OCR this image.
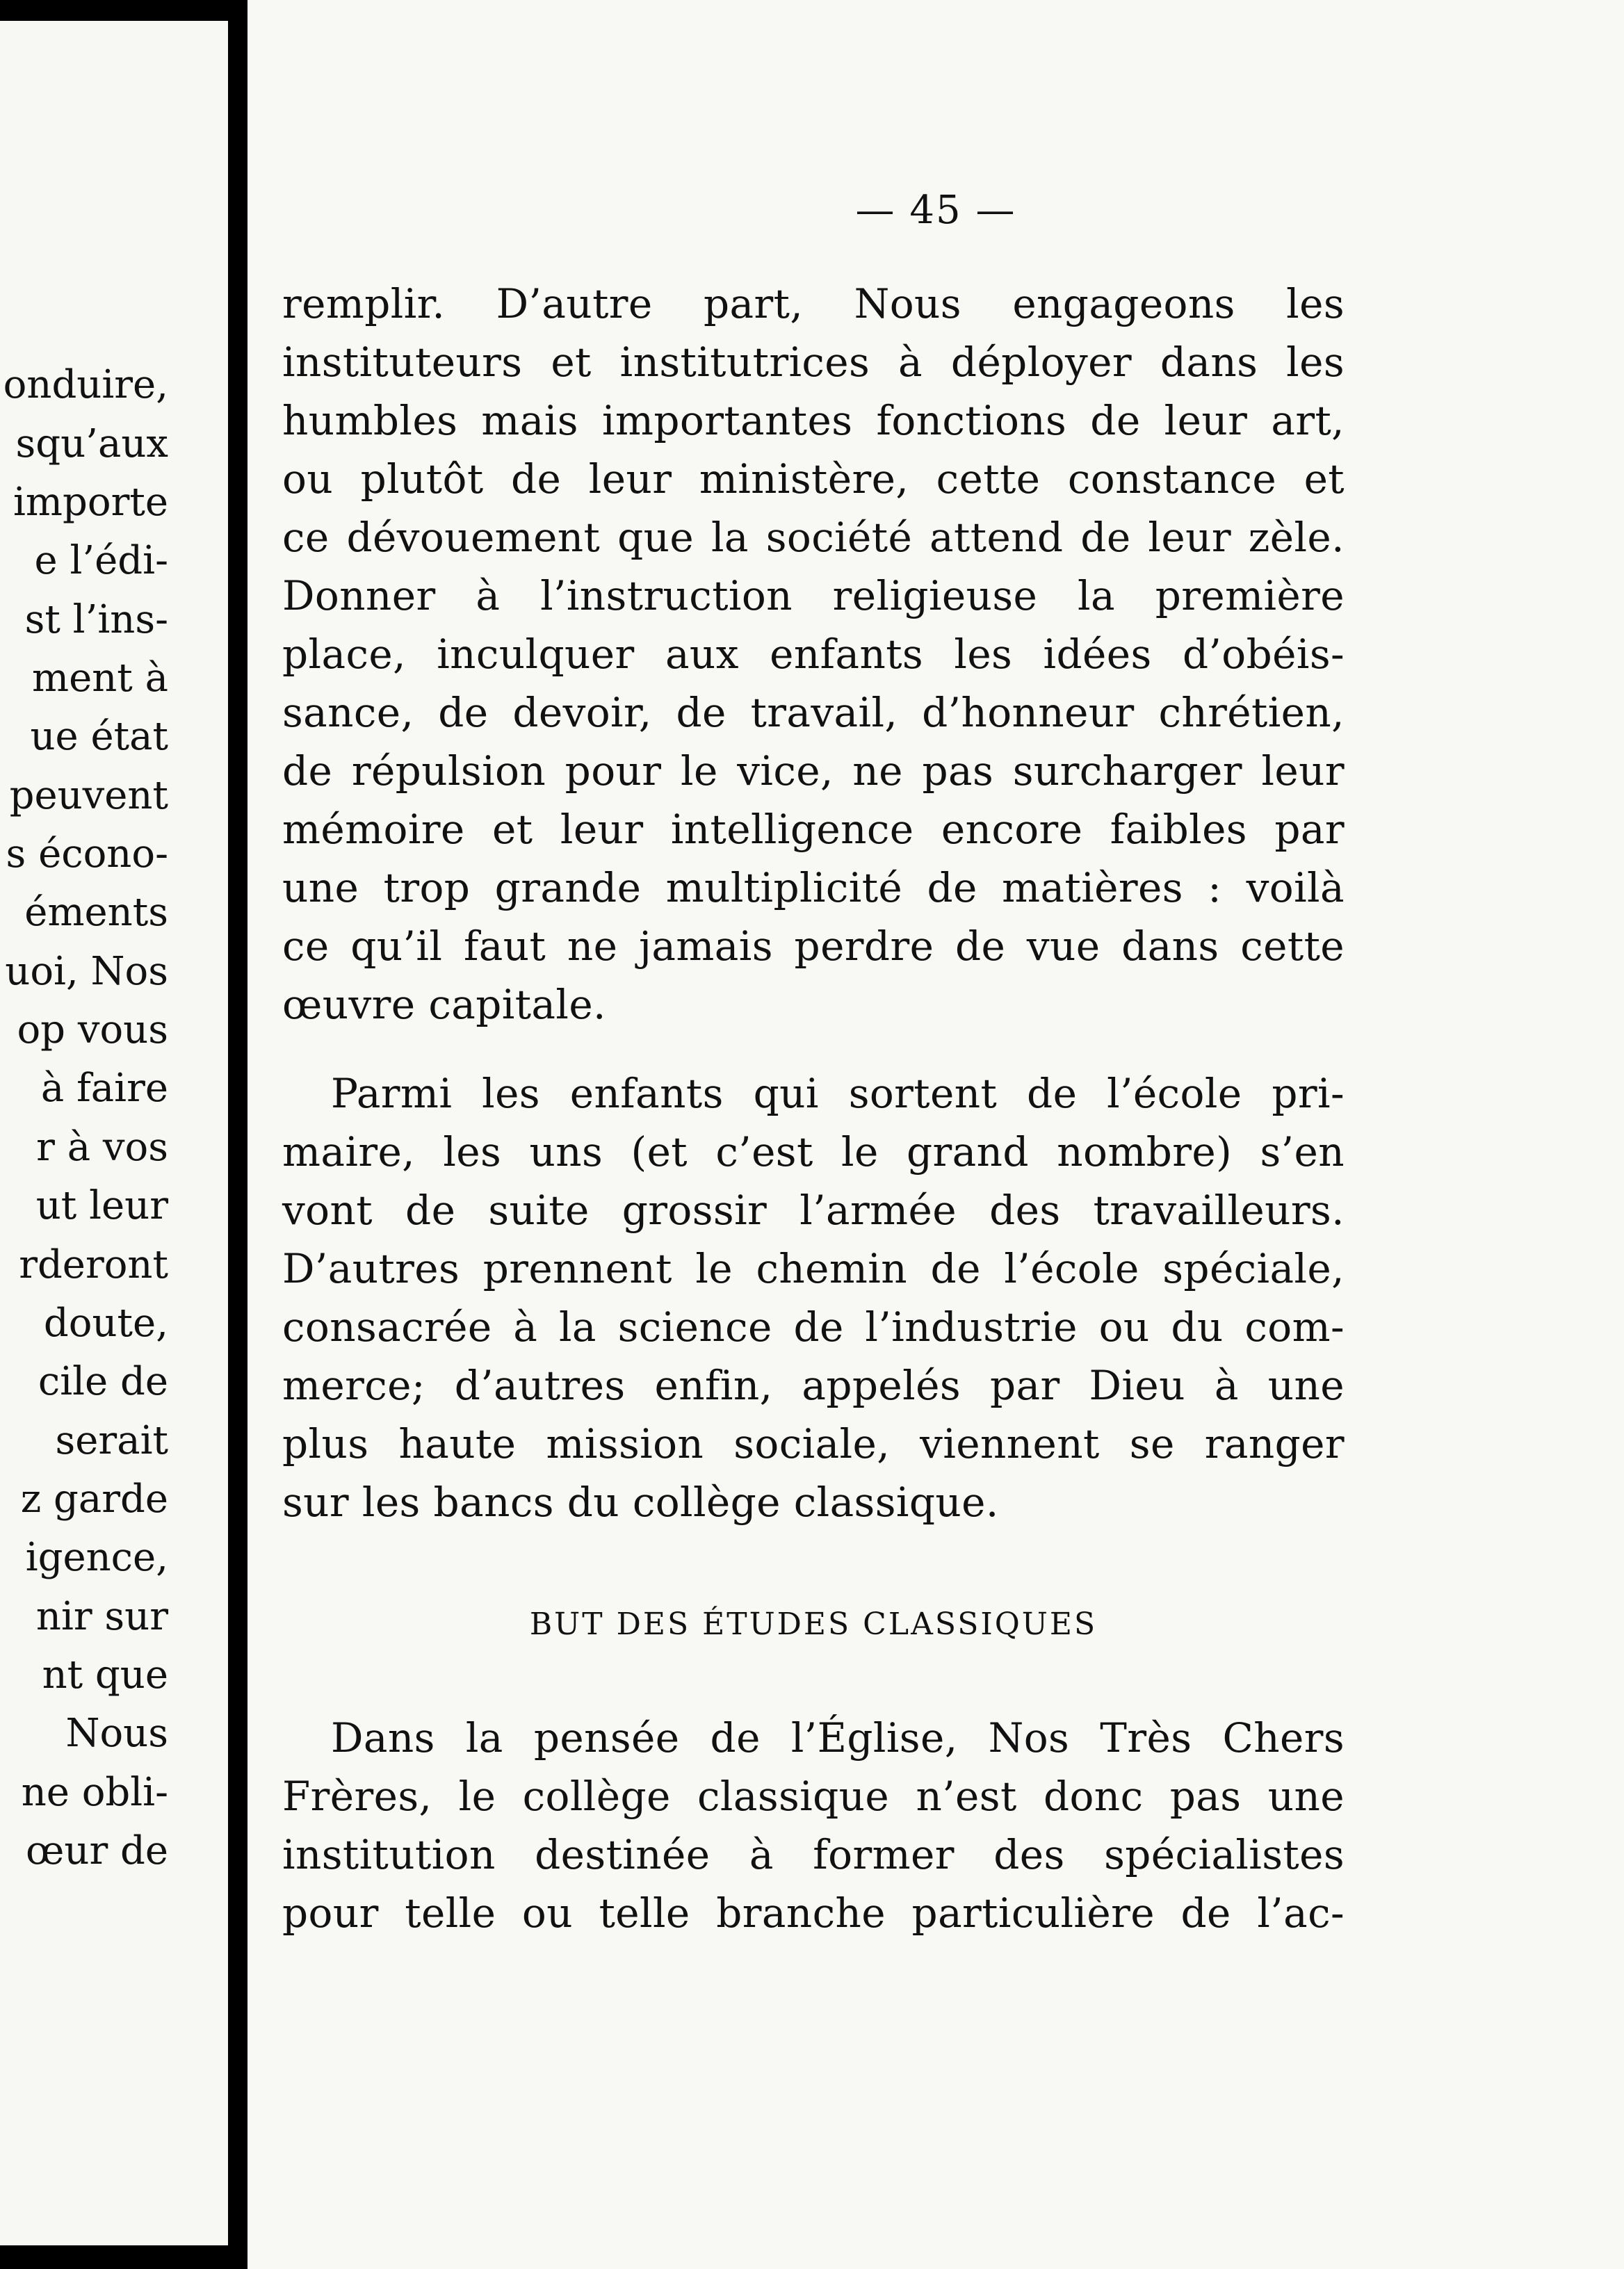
onduire,
squ’aux
importe
e l’édi-
st l’ins-
ment à
ue état
peuvent
s écono-
éments
uoi, Nos
op vous
à faire
r à vos
ut leur
rderont
doute,
cile de
serait
z garde
igence,
nir sur
nt que
Nous
ne obli-
œur de
— 45 —
remplir. D’autre part, Nous engageons les
instituteurs et institutrices à déployer dans les
humbles mais importantes fonctions de leur art,
ou plutôt de leur ministère, cette constance et
ce dévouement que la société attend de leur zèle.
Donner à l’instruction religieuse la première
place, inculquer aux enfants les idées d’obéis-
sance, de devoir, de travail, d’honneur chrétien,
de répulsion pour le vice, ne pas surcharger leur
mémoire et leur intelligence encore faibles par
une trop grande multiplicité de matières : voilà
ce qu’il faut ne jamais perdre de vue dans cette
œuvre capitale.
Parmi les enfants qui sortent de l’école pri-
maire, les uns (et c’est le grand nombre) s’en
vont de suite grossir l’armée des travailleurs.
D’autres prennent le chemin de l’école spéciale,
consacrée à la science de l’industrie ou du com-
merce; d’autres enfin, appelés par Dieu à une
plus haute mission sociale, viennent se ranger
sur les bancs du collège classique.
BUT DES ÉTUDES CLASSIQUES
Dans la pensée de l’Église, Nos Très Chers
Frères, le collège classique n’est donc pas une
institution destinée à former des spécialistes
pour telle ou telle branche particulière de l’ac-
